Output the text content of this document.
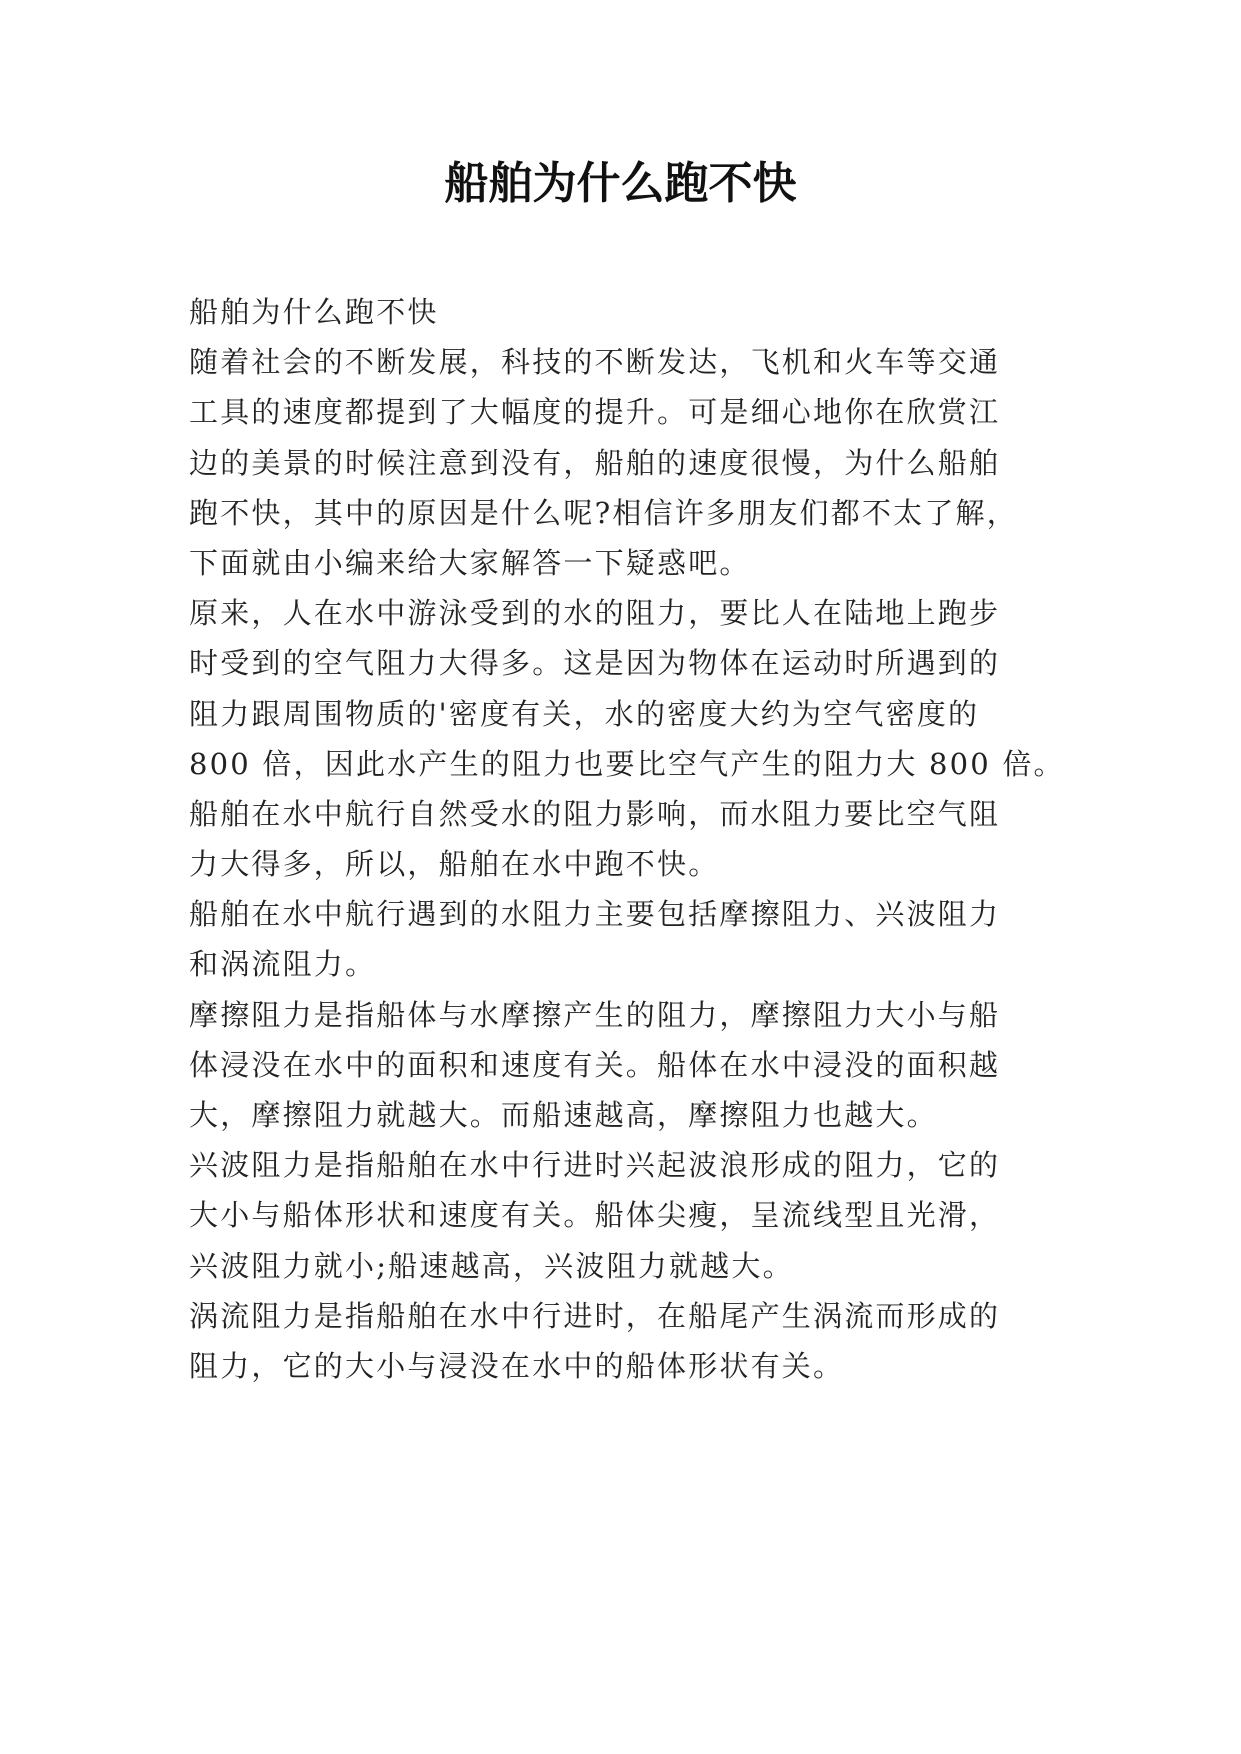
船舶为什么跑不快
船舶为什么跑不快
随着社会的不断发展，科技的不断发达，飞机和火车等交通
工具的速度都提到了大幅度的提升。可是细心地你在欣赏江
边的美景的时候注意到没有，船舶的速度很慢，为什么船舶
跑不快，其中的原因是什么呢?相信许多朋友们都不太了解，
下面就由小编来给大家解答一下疑惑吧。
原来，人在水中游泳受到的水的阻力，要比人在陆地上跑步
时受到的空气阻力大得多。这是因为物体在运动时所遇到的
阻力跟周围物质的'密度有关，水的密度大约为空气密度的
800 倍，因此水产生的阻力也要比空气产生的阻力大 800 倍。
船舶在水中航行自然受水的阻力影响，而水阻力要比空气阻
力大得多，所以，船舶在水中跑不快。
船舶在水中航行遇到的水阻力主要包括摩擦阻力、兴波阻力
和涡流阻力。
摩擦阻力是指船体与水摩擦产生的阻力，摩擦阻力大小与船
体浸没在水中的面积和速度有关。船体在水中浸没的面积越
大，摩擦阻力就越大。而船速越高，摩擦阻力也越大。
兴波阻力是指船舶在水中行进时兴起波浪形成的阻力，它的
大小与船体形状和速度有关。船体尖瘦，呈流线型且光滑，
兴波阻力就小;船速越高，兴波阻力就越大。
涡流阻力是指船舶在水中行进时，在船尾产生涡流而形成的
阻力，它的大小与浸没在水中的船体形状有关。
